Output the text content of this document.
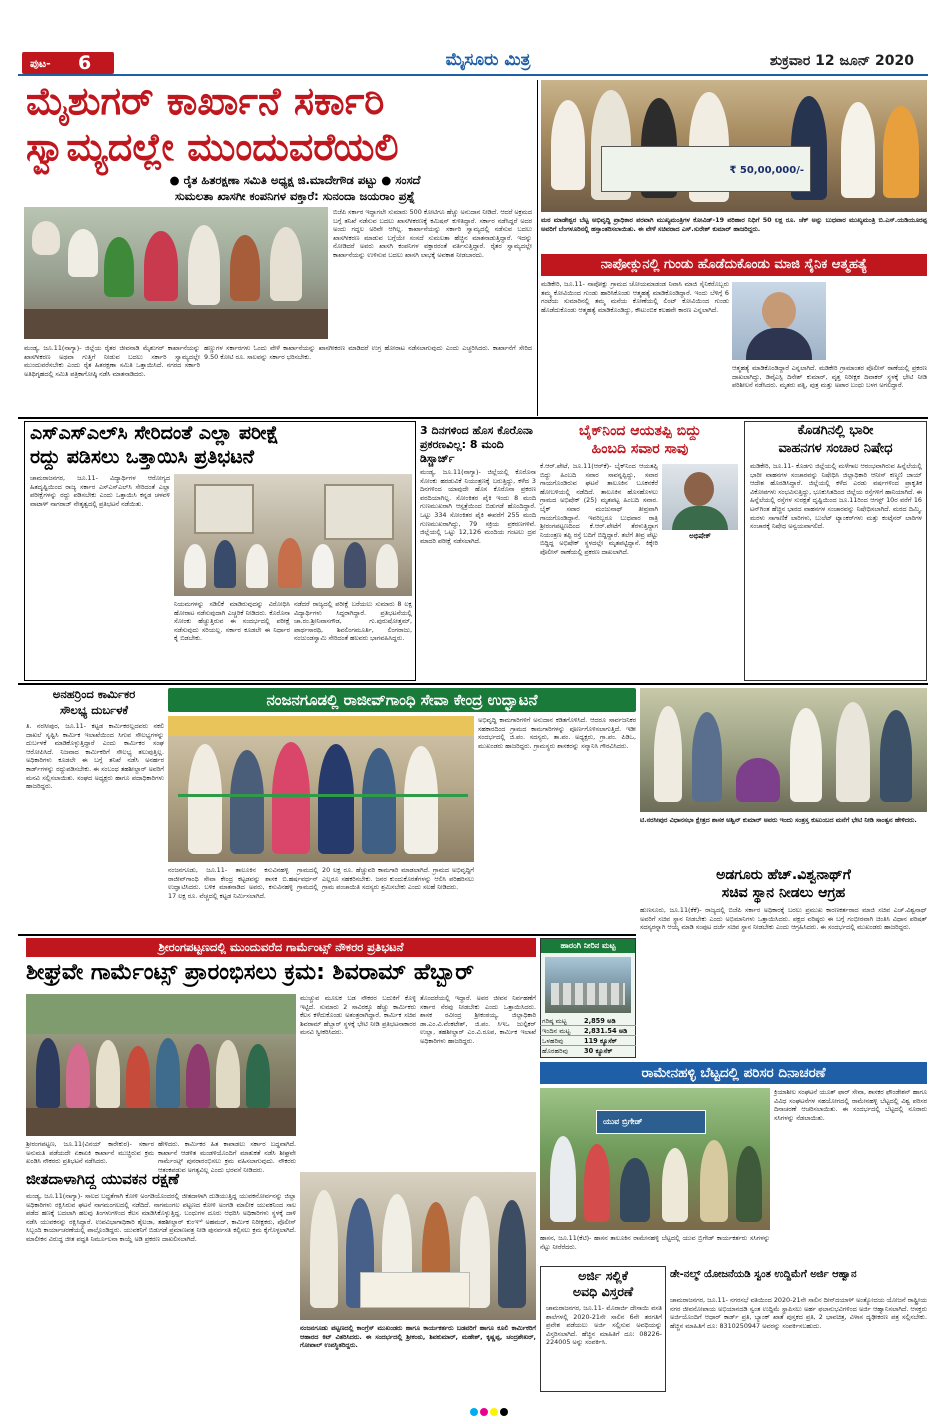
ಪುಟ- 6	ಮೈಸೂರು ಮಿತ್ರ	ಶುಕ್ರವಾರ 12 ಜೂನ್ 2020
ಮೈಶುಗರ್ ಕಾರ್ಖಾನೆ ಸರ್ಕಾರಿ
ಸ್ವಾಮ್ಯದಲ್ಲೇ ಮುಂದುವರೆಯಲಿ
● ರೈತ ಹಿತರಕ್ಷಣಾ ಸಮಿತಿ ಅಧ್ಯಕ್ಷ ಜಿ.ಮಾದೇಗೌಡ ಪಟ್ಟು ● ಸಂಸದೆ
ಸುಮಲತಾ ಖಾಸಗೀ ಕಂಪನಿಗಳ ವಕ್ತಾರೆ: ಸುನಂದಾ ಜಯರಾಂ ಪ್ರಶ್ನೆ
ಬಿಜೆಪಿ ಸರ್ಕಾರ ಇದ್ದಾಗಲೇ ಸುಮಾರು 500 ಕೋಟಿಗೂ ಹೆಚ್ಚು ಅನುದಾನ ನೀಡಿದೆ. ಆದರೆ ಅಕ್ರಮದ ಬಗ್ಗೆ ತನಿಖೆ ನಡೆಸುವ ಬದಲು ಖಾಸಗೀಕರಣಕ್ಕೆ ಕಮಿಷನ್ ಕುಳಿತಿದ್ದಾರೆ. ಸರ್ಕಾರ ನಡೆಸಿದ್ದರೆ ಅದರ ಅಂದು ಗದ್ದಲ ಅರಿವೇ ಆಗಿಲ್ಲ. ಕಾರ್ಖಾನೆಯನ್ನು ಸರ್ಕಾರಿ ಸ್ವಾಮ್ಯದಲ್ಲಿ ನಡೆಸುವ ಬದಲು ಖಾಸಗೀಕರಣ ಮಾಡುವ ಬಗ್ಗೆಯೇ ಸಂಸದೆ ಸುಮಲತಾ ಹೆಚ್ಚಿನ ಮಾತನಾಡುತ್ತಿದ್ದಾರೆ. ಇದನ್ನು ನೋಡಿದರೆ ಅವರು ಖಾಸಗಿ ಕಂಪನಿಗಳ ವಕ್ತಾರರಂತೆ ವರ್ತಿಸುತ್ತಿದ್ದಾರೆ. ರೈತರ ಸ್ವಾಮ್ಯದಲ್ಲೇ ಕಾರ್ಖಾನೆಯನ್ನು ಉಳಿಸುವ ಬದಲು ಖಾಸಗಿ ಲಾಭಕ್ಕೆ ಅವಕಾಶ ನೀಡಬಾರದು.
ಮಂಡ್ಯ, ಜೂ.11(ನಾಗ್ಯಾ)- ಜಿಲ್ಲೆಯ ರೈತರ ಜೀವನಾಡಿ ಮೈಶುಗರ್ ಕಾರ್ಖಾನೆಯನ್ನು ಖಾಸಗೀಕರಣ ಅಥವಾ ಗುತ್ತಿಗೆ ನೀಡುವ ಬದಲು ಸರ್ಕಾರಿ ಸ್ವಾಮ್ಯದಲ್ಲೇ ಮುಂದುವರೆಸಬೇಕು ಎಂದು ರೈತ ಹಿತರಕ್ಷಣಾ ಸಮಿತಿ ಒತ್ತಾಯಿಸಿದೆ. ನಗರದ ಸರ್ಕಾರಿ ಅತಿಥಿಗೃಹದಲ್ಲಿ ಸಮಿತಿ ಪತ್ರಿಕಾಗೋಷ್ಠಿ ನಡೆಸಿ ಮಾತನಾಡಿದರು.
ಹಣ್ಣುಗಳ ಸರ್ಕಾರಗಳು ಓಂದು ವೇಳೆ ಕಾರ್ಖಾನೆಯನ್ನು ಖಾಸಗೀಕರಣ ಮಾಡಿದರೆ ಉಗ್ರ ಹೋರಾಟ ನಡೆಸಲಾಗುವುದು ಎಂದು ಎಚ್ಚರಿಸಿದರು. ಕಾರ್ಖಾನೆಗೆ ಸೇರಿದ 9.50 ಕೋಟಿ ರೂ. ಸಾಲವನ್ನು ಸರ್ಕಾರ ಭರಿಸಬೇಕು.
₹ 50,00,000/-
ಮಠ ಮಾಡೇಶ್ವರ ಬೆಟ್ಟ ಅಭಿವೃದ್ಧಿ ಪ್ರಾಧಿಕಾರ ಪರವಾಗಿ ಮುಖ್ಯಮಂತ್ರಿಗಳ ಕೋವಿಡ್-19 ಪರಿಹಾರ ನಿಧಿಗೆ 50 ಲಕ್ಷ ರೂ. ಚೆಕ್ ಅನ್ನು ಬುಧವಾರ ಮುಖ್ಯಮಂತ್ರಿ ಬಿ.ಎಸ್.ಯಡಿಯೂರಪ್ಪ ಅವರಿಗೆ ಬೆಂಗಳೂರಿನಲ್ಲಿ ಹಸ್ತಾಂತರಿಸಲಾಯಿತು. ಈ ವೇಳೆ ಸಚಿವರಾದ ಎಸ್.ಸುರೇಶ್ ಕುಮಾರ್ ಹಾಜರಿದ್ದರು.
ನಾಪೋಕ್ಲುನಲ್ಲಿ ಗುಂಡು ಹೊಡೆದುಕೊಂಡು ಮಾಜಿ ಸೈನಿಕ ಆತ್ಮಹತ್ಯೆ
ಮಡಿಕೇರಿ, ಜೂ.11- ನಾಪೋಕ್ಲು ಗ್ರಾಮದ ಚೋಯಮಾಡಂಡ ನಿವಾಸಿ ಮಾಜಿ ಸೈನಿಕರೊಬ್ಬರು ತಮ್ಮ ಕೋವಿಯಿಂದ ಗುಂಡು ಹಾರಿಸಿಕೊಂಡು ಆತ್ಮಹತ್ಯೆ ಮಾಡಿಕೊಂಡಿದ್ದಾರೆ. ಇಂದು ಬೆಳಿಗ್ಗೆ 6 ಗಂಟೆಯ ಸುಮಾರಿನಲ್ಲಿ ತಮ್ಮ ಮನೆಯ ಕೋಣೆಯಲ್ಲಿ ಲಿಂಟ್ ಕೋವಿಯಿಂದ ಗುಂಡು ಹೊಡೆದುಕೊಂಡು ಆತ್ಮಹತ್ಯೆ ಮಾಡಿಕೊಂಡಿದ್ದು, ಕೌಟುಂಬಿಕ ಕಲಹವೇ ಕಾರಣ ಎನ್ನಲಾಗಿದೆ.
ಆತ್ಮಹತ್ಯೆ ಮಾಡಿಕೊಂಡಿದ್ದಾರೆ ಎನ್ನಲಾಗಿದೆ. ಮಡಿಕೇರಿ ಗ್ರಾಮಾಂತರ ಪೊಲೀಸ್ ಠಾಣೆಯಲ್ಲಿ ಪ್ರಕರಣ ದಾಖಲಾಗಿದ್ದು, ಡಿವೈಎಸ್ಪಿ ದಿನೇಶ್ ಕುಮಾರ್, ವೃತ್ತ ನಿರೀಕ್ಷಕ ದಿವಾಕರ್ ಸ್ಥಳಕ್ಕೆ ಭೇಟಿ ನೀಡಿ ಪರಿಶೀಲನೆ ನಡೆಸಿದರು. ಮೃತರು ಪತ್ನಿ, ಪುತ್ರ ಮತ್ತು ಅಪಾರ ಬಂಧು ಬಳಗ ಅಗಲಿದ್ದಾರೆ.
ಎಸ್‌ಎಸ್‌ಎಲ್‌ಸಿ ಸೇರಿದಂತೆ ಎಲ್ಲಾ ಪರೀಕ್ಷೆ
ರದ್ದು ಪಡಿಸಲು ಒತ್ತಾಯಿಸಿ ಪ್ರತಿಭಟನೆ
ಚಾಮರಾಜನಗರ, ಜೂ.11- ವಿದ್ಯಾರ್ಥಿಗಳ ಆರೋಗ್ಯದ ಹಿತದೃಷ್ಟಿಯಿಂದ ರಾಜ್ಯ ಸರ್ಕಾರ ಎಸ್‌ಎಸ್‌ಎಲ್‌ಸಿ ಸೇರಿದಂತೆ ಎಲ್ಲಾ ಪರೀಕ್ಷೆಗಳನ್ನು ರದ್ದು ಪಡಿಸಬೇಕು ಎಂದು ಒತ್ತಾಯಿಸಿ ಕನ್ನಡ ಚಳವಳಿ ವಾಟಾಳ್ ನಾಗರಾಜ್ ನೇತೃತ್ವದಲ್ಲಿ ಪ್ರತಿಭಟನೆ ನಡೆಯಿತು.
ನಿಯಮಗಳನ್ನು ಸಡಿಲಿಕೆ ಮಾಡಿರುವುದನ್ನು ವಿರೋಧಿಸಿ ಹೋರಾಟ ನಡೆಸುವುದಾಗಿ ಎಚ್ಚರಿಕೆ ನೀಡಿದರು. ಕೊರೊನಾ ಸೋಂಕು ಹೆಚ್ಚುತ್ತಿರುವ ಈ ಸಂದರ್ಭದಲ್ಲಿ ಪರೀಕ್ಷೆ ನಡೆಸುವುದು ಸರಿಯಲ್ಲ. ಸರ್ಕಾರ ಕೂಡಲೇ ಈ ನಿರ್ಧಾರ ಕೈ ಬಿಡಬೇಕು.
ನಡೆದರೆ ರಾಜ್ಯದಲ್ಲಿ ಪರೀಕ್ಷೆ ಬರೆಯಲು ಸುಮಾರು 8 ಲಕ್ಷ ವಿದ್ಯಾರ್ಥಿಗಳು ಸಿದ್ಧರಾಗಿದ್ದಾರೆ. ಪ್ರತಿಭಟನೆಯಲ್ಲಿ ಚಾ.ರಂ.ಶ್ರೀನಿವಾಸಗೌಡ, ಗು.ಪುರುಷೋತ್ತಮ್, ಪಾರ್ಥಸಾರಥಿ, ಶಿವಲಿಂಗಮೂರ್ತಿ, ಲಿಂಗರಾಜು, ನಂಜುಂಡಸ್ವಾಮಿ ಸೇರಿದಂತೆ ಹಲವರು ಭಾಗವಹಿಸಿದ್ದರು.
3 ದಿನಗಳಿಂದ ಹೊಸ ಕೊರೊನಾ ಪ್ರಕರಣವಿಲ್ಲ: 8 ಮಂದಿ ಡಿಸ್ಚಾರ್ಜ್
ಮಂಡ್ಯ, ಜೂ.11(ನಾಗ್ಯಾ)- ಜಿಲ್ಲೆಯಲ್ಲಿ ಕೊರೊನಾ ಸೋಂಕು ಹರಡುವಿಕೆ ನಿಯಂತ್ರಣಕ್ಕೆ ಬರುತ್ತಿದ್ದು, ಕಳೆದ 3 ದಿನಗಳಿಂದ ಯಾವುದೇ ಹೊಸ ಕೊರೊನಾ ಪ್ರಕರಣ ವರದಿಯಾಗಿಲ್ಲ. ಸೋಂಕಿತರ ಪೈಕಿ ಇಂದು 8 ಮಂದಿ ಗುಣಮುಖರಾಗಿ ಆಸ್ಪತ್ರೆಯಿಂದ ಬಿಡುಗಡೆ ಹೊಂದಿದ್ದಾರೆ. ಒಟ್ಟು 334 ಸೋಂಕಿತರ ಪೈಕಿ ಈವರೆಗೆ 255 ಮಂದಿ ಗುಣಮುಖರಾಗಿದ್ದು, 79 ಸಕ್ರಿಯ ಪ್ರಕರಣಗಳಿವೆ. ಜಿಲ್ಲೆಯಲ್ಲಿ ಒಟ್ಟು 12,126 ಮಂದಿಯ ಗಂಟಲು ದ್ರವ ಮಾದರಿ ಪರೀಕ್ಷೆ ನಡೆಸಲಾಗಿದೆ.
ಬೈಕ್‌ನಿಂದ ಆಯತಪ್ಪಿ ಬಿದ್ದು
ಹಿಂಬದಿ ಸವಾರ ಸಾವು
ಕೆ.ಆರ್.ಪೇಟೆ, ಜೂ.11(ಆರ್‌ಕೆ)- ಬೈಕ್‌ನಿಂದ ಆಯತಪ್ಪಿ ಬಿದ್ದು ಹಿಂಬದಿ ಸವಾರ ಸಾವನ್ನಪ್ಪಿದ್ದು, ಸವಾರ ಗಾಯಗೊಂಡಿರುವ ಘಟನೆ ತಾಲೂಕಿನ ಬೂಕನಕೆರೆ ಹೋಬಳಿಯಲ್ಲಿ ನಡೆದಿದೆ. ತಾಲೂಕಿನ ಹೊಸಹೊಳಲು ಗ್ರಾಮದ ಅಭಿಷೇಕ್ (25) ಮೃತಪಟ್ಟ ಹಿಂಬದಿ ಸವಾರ. ಬೈಕ್ ಸವಾರ ಮಂಜುನಾಥ್ ತೀವ್ರವಾಗಿ ಗಾಯಗೊಂಡಿದ್ದಾನೆ. ಇವರಿಬ್ಬರೂ ಬುಧವಾರ ರಾತ್ರಿ ಶ್ರೀರಂಗಪಟ್ಟಣದಿಂದ ಕೆ.ಆರ್.ಪೇಟೆಗೆ ತೆರಳುತ್ತಿದ್ದಾಗ ನಿಯಂತ್ರಣ ತಪ್ಪಿ ರಸ್ತೆ ಬದಿಗೆ ಬಿದ್ದಿದ್ದಾರೆ. ತಲೆಗೆ ತೀವ್ರ ಪೆಟ್ಟು ಬಿದ್ದಿದ್ದ ಅಭಿಷೇಕ್ ಸ್ಥಳದಲ್ಲೇ ಮೃತಪಟ್ಟಿದ್ದಾನೆ. ಕಿಕ್ಕೇರಿ ಪೊಲೀಸ್ ಠಾಣೆಯಲ್ಲಿ ಪ್ರಕರಣ ದಾಖಲಾಗಿದೆ.
ಅಭಿಷೇಕ್
ಕೊಡಗಿನಲ್ಲಿ ಭಾರೀ
ವಾಹನಗಳ ಸಂಚಾರ ನಿಷೇಧ
ಮಡಿಕೇರಿ, ಜೂ.11- ಕೊಡಗು ಜಿಲ್ಲೆಯಲ್ಲಿ ಮಳೆಗಾಲ ಆರಂಭವಾಗಿರುವ ಹಿನ್ನೆಲೆಯಲ್ಲಿ ಭಾರೀ ವಾಹನಗಳ ಸಂಚಾರವನ್ನು ನಿಷೇಧಿಸಿ ಜಿಲ್ಲಾಧಿಕಾರಿ ಆನೀಸ್ ಕಣ್ಮಣಿ ಜಾಯ್ ಆದೇಶ ಹೊರಡಿಸಿದ್ದಾರೆ. ಜಿಲ್ಲೆಯಲ್ಲಿ ಕಳೆದ ಎರಡು ವರ್ಷಗಳಿಂದ ಪ್ರಾಕೃತಿಕ ವಿಕೋಪಗಳು ಸಂಭವಿಸುತ್ತಿದ್ದು, ಭೂಕುಸಿತದಿಂದ ಜಿಲ್ಲೆಯ ರಸ್ತೆಗಳಿಗೆ ಹಾನಿಯಾಗಿದೆ. ಈ ಹಿನ್ನೆಲೆಯಲ್ಲಿ ರಸ್ತೆಗಳ ಸುರಕ್ಷತೆ ದೃಷ್ಟಿಯಿಂದ ಜೂ.11ರಿಂದ ಆಗಸ್ಟ್ 10ರ ವರೆಗೆ 16 ಟನ್‌ಗಿಂತ ಹೆಚ್ಚಿನ ಭಾರದ ವಾಹನಗಳ ಸಂಚಾರವನ್ನು ನಿಷೇಧಿಸಲಾಗಿದೆ. ಮರದ ದಿಮ್ಮಿ, ಮರಳು ಸಾಗಾಣಿಕೆ ಲಾರಿಗಳು, ಬುಲೆಟ್ ಟ್ಯಾಂಕರ್‌ಗಳು ಮತ್ತು ಕಂಟೈನರ್ ಲಾರಿಗಳ ಸಂಚಾರಕ್ಕೆ ನಿಷೇಧ ಅನ್ವಯವಾಗಲಿದೆ.
ಅನಹರ್ರಿಂದ ಕಾರ್ಮಿಕರ
ಸೌಲಭ್ಯ ದುರ್ಬಳಕೆ
ತಿ. ನರಸೀಪುರ, ಜೂ.11- ಕಟ್ಟಡ ಕಾರ್ಮಿಕರಲ್ಲದವರು ನಕಲಿ ದಾಖಲೆ ಸೃಷ್ಟಿಸಿ ಕಾರ್ಮಿಕ ಇಲಾಖೆಯಿಂದ ಸಿಗುವ ಸೌಲಭ್ಯಗಳನ್ನು ದುರ್ಬಳಕೆ ಮಾಡಿಕೊಳ್ಳುತ್ತಿದ್ದಾರೆ ಎಂದು ಕಾರ್ಮಿಕರ ಸಂಘ ಆರೋಪಿಸಿದೆ. ನಿಜವಾದ ಕಾರ್ಮಿಕರಿಗೆ ಸೌಲಭ್ಯ ತಲುಪುತ್ತಿಲ್ಲ. ಅಧಿಕಾರಿಗಳು ಕೂಡಲೇ ಈ ಬಗ್ಗೆ ತನಿಖೆ ನಡೆಸಿ ಅನರ್ಹರ ಕಾರ್ಡ್‌ಗಳನ್ನು ರದ್ದುಪಡಿಸಬೇಕು. ಈ ಸಂಬಂಧ ತಹಶೀಲ್ದಾರ್ ಅವರಿಗೆ ಮನವಿ ಸಲ್ಲಿಸಲಾಯಿತು. ಸಂಘದ ಅಧ್ಯಕ್ಷರು ಹಾಗೂ ಪದಾಧಿಕಾರಿಗಳು ಹಾಜರಿದ್ದರು.
ನಂಜನಗೂಡಲ್ಲಿ ರಾಜೀವ್‌ಗಾಂಧಿ ಸೇವಾ ಕೇಂದ್ರ ಉದ್ಘಾಟನೆ
ನಂಜನಗೂಡು, ಜೂ.11- ತಾಲೂಕಿನ ಕಸುವಿನಹಳ್ಳಿ ಗ್ರಾಮದಲ್ಲಿ ರಾಜೀವ್‌ಗಾಂಧಿ ಸೇವಾ ಕೇಂದ್ರ ಕಟ್ಟಡವನ್ನು ಶಾಸಕ ಬಿ.ಹರ್ಷವರ್ಧನ್ ಉದ್ಘಾಟಿಸಿದರು. ಬಳಿಕ ಮಾತನಾಡಿದ ಅವರು, ಕಸುವಿನಹಳ್ಳಿ ಗ್ರಾಮದಲ್ಲಿ 17 ಲಕ್ಷ ರೂ. ವೆಚ್ಚದಲ್ಲಿ ಕಟ್ಟಡ ನಿರ್ಮಿಸಲಾಗಿದೆ.
20 ಲಕ್ಷ ರೂ. ಹೆಚ್ಚುವರಿ ಕಾಮಗಾರಿ ಮಾಡಲಾಗಿದೆ. ಗ್ರಾಮದ ಅಭಿವೃದ್ಧಿಗೆ ಎಲ್ಲರೂ ಸಹಕರಿಸಬೇಕು. ಜನರ ಕುಂದುಕೊರತೆಗಳನ್ನು ಆಲಿಸಿ ಪರಿಹರಿಸಲು ಗ್ರಾಮ ಪಂಚಾಯಿತಿ ಸದಸ್ಯರು ಶ್ರಮಿಸಬೇಕು ಎಂದು ಸಲಹೆ ನೀಡಿದರು.
ಅಭಿವೃದ್ಧಿ ಕಾಮಗಾರಿಗಳಿಗೆ ಅನುದಾನ ಕಡಿತಗೊಳಿಸಿದೆ. ಆದರೂ ಸಾರ್ವಜನಿಕರ ಸಹಕಾರದಿಂದ ಗ್ರಾಮದ ಕಾಮಗಾರಿಗಳನ್ನು ಪೂರ್ಣಗೊಳಿಸಲಾಗುತ್ತಿದೆ. ಇಡೀ ಸಂದರ್ಭದಲ್ಲಿ ಜಿ.ಪಂ. ಸದಸ್ಯರು, ತಾ.ಪಂ. ಅಧ್ಯಕ್ಷರು, ಗ್ರಾ.ಪಂ. ಪಿಡಿಒ, ಮುಖಂಡರು ಹಾಜರಿದ್ದರು. ಗ್ರಾಮಸ್ಥರು ಶಾಸಕರನ್ನು ಸನ್ಮಾನಿಸಿ ಗೌರವಿಸಿದರು.
ಟಿ.ನರಸೀಪುರ ವಿಧಾನಸಭಾ ಕ್ಷೇತ್ರದ ಶಾಸಕ ಅಶ್ವಿನ್ ಕುಮಾರ್ ಅವರು ಇಂದು ಸಂತ್ರಸ್ತ ಕುಟುಂಬದ ಮನೆಗೆ ಭೇಟಿ ನೀಡಿ ಸಾಂತ್ವನ ಹೇಳಿದರು.
ಅಡಗೂರು ಹೆಚ್.ವಿಶ್ವನಾಥ್‌ಗೆ
ಸಚಿವ ಸ್ಥಾನ ನೀಡಲು ಆಗ್ರಹ
ಹುಣಸೂರು, ಜೂ.11(ಕೆಕೆ)- ರಾಜ್ಯದಲ್ಲಿ ಬಿಜೆಪಿ ಸರ್ಕಾರ ಅಧಿಕಾರಕ್ಕೆ ಬರಲು ಪ್ರಮುಖ ಕಾರಣಕರ್ತರಾದ ಮಾಜಿ ಸಚಿವ ಎಚ್.ವಿಶ್ವನಾಥ್ ಅವರಿಗೆ ಸಚಿವ ಸ್ಥಾನ ನೀಡಬೇಕು ಎಂದು ಅಭಿಮಾನಿಗಳು ಒತ್ತಾಯಿಸಿದರು. ಪಕ್ಷದ ವರಿಷ್ಠರು ಈ ಬಗ್ಗೆ ಗಂಭೀರವಾಗಿ ಚಿಂತಿಸಿ ವಿಧಾನ ಪರಿಷತ್ ಸದಸ್ಯರನ್ನಾಗಿ ಆಯ್ಕೆ ಮಾಡಿ ಸಂಪುಟ ದರ್ಜೆ ಸಚಿವ ಸ್ಥಾನ ನೀಡಬೇಕು ಎಂದು ಆಗ್ರಹಿಸಿದರು. ಈ ಸಂದರ್ಭದಲ್ಲಿ ಮುಖಂಡರು ಹಾಜರಿದ್ದರು.
ಶ್ರೀರಂಗಪಟ್ಟಣದಲ್ಲಿ ಮುಂದುವರೆದ ಗಾರ್ಮೆಂಟ್ಸ್ ನೌಕರರ ಪ್ರತಿಭಟನೆ
ಶೀಘ್ರವೇ ಗಾರ್ಮೆಂಟ್ಸ್ ಪ್ರಾರಂಭಿಸಲು ಕ್ರಮ: ಶಿವರಾಮ್ ಹೆಬ್ಬಾರ್
ಶ್ರೀರಂಗಪಟ್ಟಣ, ಜೂ.11(ವಿನಯ್ ಕಾರೇಕುರ)- ಸರ್ಕಾರ ಅನುಮತಿ ಪಡೆಯದೇ ಏಕಾಏಕಿ ಕಾರ್ಖಾನೆ ಮುಚ್ಚಿರುವ ಕ್ರಮ ಖಂಡಿಸಿ ನೌಕರರು ಪ್ರತಿಭಟನೆ ನಡೆಸಿದರು.
ಮುಚ್ಚುವ ಮೂಲಕ ಬಡ ನೌಕರರ ಬದುಕಿಗೆ ಕೊಳ್ಳಿ ಇಟ್ಟಿದೆ. ಸುಮಾರು 2 ಸಾವಿರಕ್ಕೂ ಹೆಚ್ಚು ಕಾರ್ಮಿಕರು ಕೆಲಸ ಕಳೆದುಕೊಂಡು ಅತಂತ್ರರಾಗಿದ್ದಾರೆ. ಕಾರ್ಮಿಕ ಸಚಿವ ಶಿವರಾಮ್ ಹೆಬ್ಬಾರ್ ಸ್ಥಳಕ್ಕೆ ಭೇಟಿ ನೀಡಿ ಪ್ರತಿಭಟನಾಕಾರರ ಮನವಿ ಸ್ವೀಕರಿಸಿದರು.
ಹೇಳಿದರು. ಕಾರ್ಮಿಕರ ಹಿತ ಕಾಪಾಡಲು ಸರ್ಕಾರ ಬದ್ಧವಾಗಿದೆ. ಕಾರ್ಖಾನೆ ಆಡಳಿತ ಮಂಡಳಿಯೊಂದಿಗೆ ಮಾತುಕತೆ ನಡೆಸಿ ಶೀಘ್ರವೇ ಗಾರ್ಮೆಂಟ್ಸ್ ಪುನರಾರಂಭಿಸಲು ಕ್ರಮ ವಹಿಸಲಾಗುವುದು. ನೌಕರರು ಆತಂಕಪಡುವ ಅಗತ್ಯವಿಲ್ಲ ಎಂದು ಭರವಸೆ ನೀಡಿದರು.
ತೊಂದರೆಯಲ್ಲಿ ಇದ್ದಾರೆ. ಅವರ ಜೀವನ ನಿರ್ವಹಣೆಗೆ ಸರ್ಕಾರ ನೆರವು ನೀಡಬೇಕು ಎಂದು ಒತ್ತಾಯಿಸಿದರು. ಶಾಸಕ ರವೀಂದ್ರ ಶ್ರೀಕಂಠಯ್ಯ, ಜಿಲ್ಲಾಧಿಕಾರಿ ಡಾ.ಎಂ.ವಿ.ವೆಂಕಟೇಶ್, ಜಿ.ಪಂ. ಸಿಇಒ ಜುಲ್ಫಿಕರ್ ಉಲ್ಲಾ, ತಹಶೀಲ್ದಾರ್ ಎಂ.ವಿ.ರೂಪ, ಕಾರ್ಮಿಕ ಇಲಾಖೆ ಅಧಿಕಾರಿಗಳು ಹಾಜರಿದ್ದರು.
ಜೀತದಾಳಾಗಿದ್ದ ಯುವಕನ ರಕ್ಷಣೆ
ಮಂಡ್ಯ, ಜೂ.11(ನಾಗ್ಯಾ)- ಸಾಲದ ಬದ್ಧತೆಗಾಗಿ ಕೋಳಿ ಅಂಗಡಿಯೊಂದರಲ್ಲಿ ಜೀತದಾಳಾಗಿ ದುಡಿಯುತ್ತಿದ್ದ ಯುವಕನೋರ್ವನನ್ನು ಜಿಲ್ಲಾ ಅಧಿಕಾರಿಗಳು ರಕ್ಷಿಸಿರುವ ಘಟನೆ ನಾಗಮಂಗಲದಲ್ಲಿ ನಡೆದಿದೆ. ನಾಗಮಂಗಲ ಪಟ್ಟಣದ ಕೋಳಿ ಅಂಗಡಿ ಮಾಲೀಕ ಯುವಕನಿಂದ ಸಾಲ ಪಡೆದ ಹಣಕ್ಕೆ ಬದಲಾಗಿ ಹಲವು ತಿಂಗಳುಗಳಿಂದ ಕೆಲಸ ಮಾಡಿಸಿಕೊಳ್ಳುತ್ತಿದ್ದ. ಬಂಧುಗಳ ದೂರು ಆಧರಿಸಿ ಅಧಿಕಾರಿಗಳು ಸ್ಥಳಕ್ಕೆ ದಾಳಿ ನಡೆಸಿ ಯುವಕನನ್ನು ರಕ್ಷಿಸಿದ್ದಾರೆ. ಉಪವಿಭಾಗಾಧಿಕಾರಿ ಶೈಲಜಾ, ತಹಶೀಲ್ದಾರ್ ಕುಂಞಿ ಅಹಮದ್, ಕಾರ್ಮಿಕ ನಿರೀಕ್ಷಕರು, ಪೊಲೀಸ್ ಸಿಬ್ಬಂದಿ ಕಾರ್ಯಾಚರಣೆಯಲ್ಲಿ ಪಾಲ್ಗೊಂಡಿದ್ದರು. ಯುವಕನಿಗೆ ಬಿಡುಗಡೆ ಪ್ರಮಾಣಪತ್ರ ನೀಡಿ ಪುನರ್ವಸತಿ ಕಲ್ಪಿಸಲು ಕ್ರಮ ಕೈಗೊಳ್ಳಲಾಗಿದೆ. ಮಾಲೀಕನ ವಿರುದ್ಧ ಜೀತ ಪದ್ಧತಿ ನಿರ್ಮೂಲನಾ ಕಾಯ್ದೆ ಅಡಿ ಪ್ರಕರಣ ದಾಖಲಿಸಲಾಗಿದೆ.
ನಂಜನಗೂಡು ಪಟ್ಟಣದಲ್ಲಿ ಕಾಂಗ್ರೆಸ್ ಮುಖಂಡರು ಹಾಗೂ ಕಾರ್ಯಕರ್ತರು ಬಡವರಿಗೆ ಹಾಗೂ ಕೂಲಿ ಕಾರ್ಮಿಕರಿಗೆ ಆಹಾರದ ಕಿಟ್ ವಿತರಿಸಿದರು. ಈ ಸಂದರ್ಭದಲ್ಲಿ ಶ್ರೀಕಂಠು, ಶಿವಕುಮಾರ್, ಮಹೇಶ್, ಕೃಷ್ಣಪ್ಪ, ಚಂದ್ರಶೇಖರ್, ಗೋಪಾಲ್ ಉಪಸ್ಥಿತರಿದ್ದರು.
ಹಾರಂಗಿ ನೀರಿನ ಮಟ್ಟ
ಗರಿಷ್ಠ ಮಟ್ಟ	2,859 ಅಡಿ
ಇಂದಿನ ಮಟ್ಟ	2,831.54 ಅಡಿ
ಒಳಹರಿವು	119 ಕ್ಯೂಸೆಕ್
ಹೊರಹರಿವು	30 ಕ್ಯೂಸೆಕ್
ರಾಮೇನಹಳ್ಳಿ ಬೆಟ್ಟದಲ್ಲಿ ಪರಿಸರ ದಿನಾಚರಣೆ
ಯುವ ಬ್ರಿಗೇಡ್
ಹಾಸನ, ಜೂ.11(ಕೆಟಿ)- ಹಾಸನ ತಾಲೂಕಿನ ರಾಮೇನಹಳ್ಳಿ ಬೆಟ್ಟದಲ್ಲಿ ಯುವ ಬ್ರಿಗೇಡ್ ಕಾರ್ಯಕರ್ತರು ಸಸಿಗಳನ್ನು ನೆಟ್ಟು ನೀರೆರೆದರು.
ಕ್ರಿಯಾಶೀಲ ಸಂಘಟನೆ ಯೂತ್ ಫಾರ್ ಸೇವಾ, ಶಾಸಕರ ಫೌಂಡೇಶನ್ ಹಾಗೂ ವಿವಿಧ ಸಂಘಟನೆಗಳ ಸಹಯೋಗದಲ್ಲಿ ರಾಮೇನಹಳ್ಳಿ ಬೆಟ್ಟದಲ್ಲಿ ವಿಶ್ವ ಪರಿಸರ ದಿನಾಚರಣೆ ಆಚರಿಸಲಾಯಿತು. ಈ ಸಂದರ್ಭದಲ್ಲಿ ಬೆಟ್ಟದಲ್ಲಿ ನೂರಾರು ಸಸಿಗಳನ್ನು ನೆಡಲಾಯಿತು.
ಅರ್ಜಿ ಸಲ್ಲಿಕೆ
ಅವಧಿ ವಿಸ್ತರಣೆ
ಚಾಮರಾಜನಗರ, ಜೂ.11- ಮೊರಾರ್ಜಿ ದೇಸಾಯಿ ವಸತಿ ಶಾಲೆಗಳಲ್ಲಿ 2020-21ನೇ ಸಾಲಿನ 6ನೇ ತರಗತಿಗೆ ಪ್ರವೇಶ ಪಡೆಯಲು ಅರ್ಜಿ ಸಲ್ಲಿಸುವ ಅವಧಿಯನ್ನು ವಿಸ್ತರಿಸಲಾಗಿದೆ. ಹೆಚ್ಚಿನ ಮಾಹಿತಿಗೆ ದೂ: 08226-224005 ಅನ್ನು ಸಂಪರ್ಕಿಸಿ.
ಡೇ-ನಲ್ಮ್ ಯೋಜನೆಯಡಿ ಸ್ವಂತ ಉದ್ದಿಮೆಗೆ ಅರ್ಜಿ ಆಹ್ವಾನ
ಚಾಮರಾಜನಗರ, ಜೂ.11- ನಗರಸಭೆ ವತಿಯಿಂದ 2020-21ನೇ ಸಾಲಿನ ದೀನ್‌ದಯಾಳ್ ಅಂತ್ಯೋದಯ ಯೋಜನೆ ರಾಷ್ಟ್ರೀಯ ನಗರ ಜೀವನೋಪಾಯ ಅಭಿಯಾನದಡಿ ಸ್ವಂತ ಉದ್ದಿಮೆ ಸ್ಥಾಪಿಸಲು ಅರ್ಹ ಫಲಾನುಭವಿಗಳಿಂದ ಅರ್ಜಿ ಆಹ್ವಾನಿಸಲಾಗಿದೆ. ಆಸಕ್ತರು ಅರ್ಜಿಯೊಂದಿಗೆ ಆಧಾರ್ ಕಾರ್ಡ್ ಪ್ರತಿ, ಬ್ಯಾಂಕ್ ಖಾತೆ ಪುಸ್ತಕದ ಪ್ರತಿ, 2 ಭಾವಚಿತ್ರ, ವಿಳಾಸ ದೃಢೀಕರಣ ಪತ್ರ ಸಲ್ಲಿಸಬೇಕು. ಹೆಚ್ಚಿನ ಮಾಹಿತಿಗೆ ದೂ: 8310250947 ಅವರನ್ನು ಸಂಪರ್ಕಿಸಬಹುದು.
